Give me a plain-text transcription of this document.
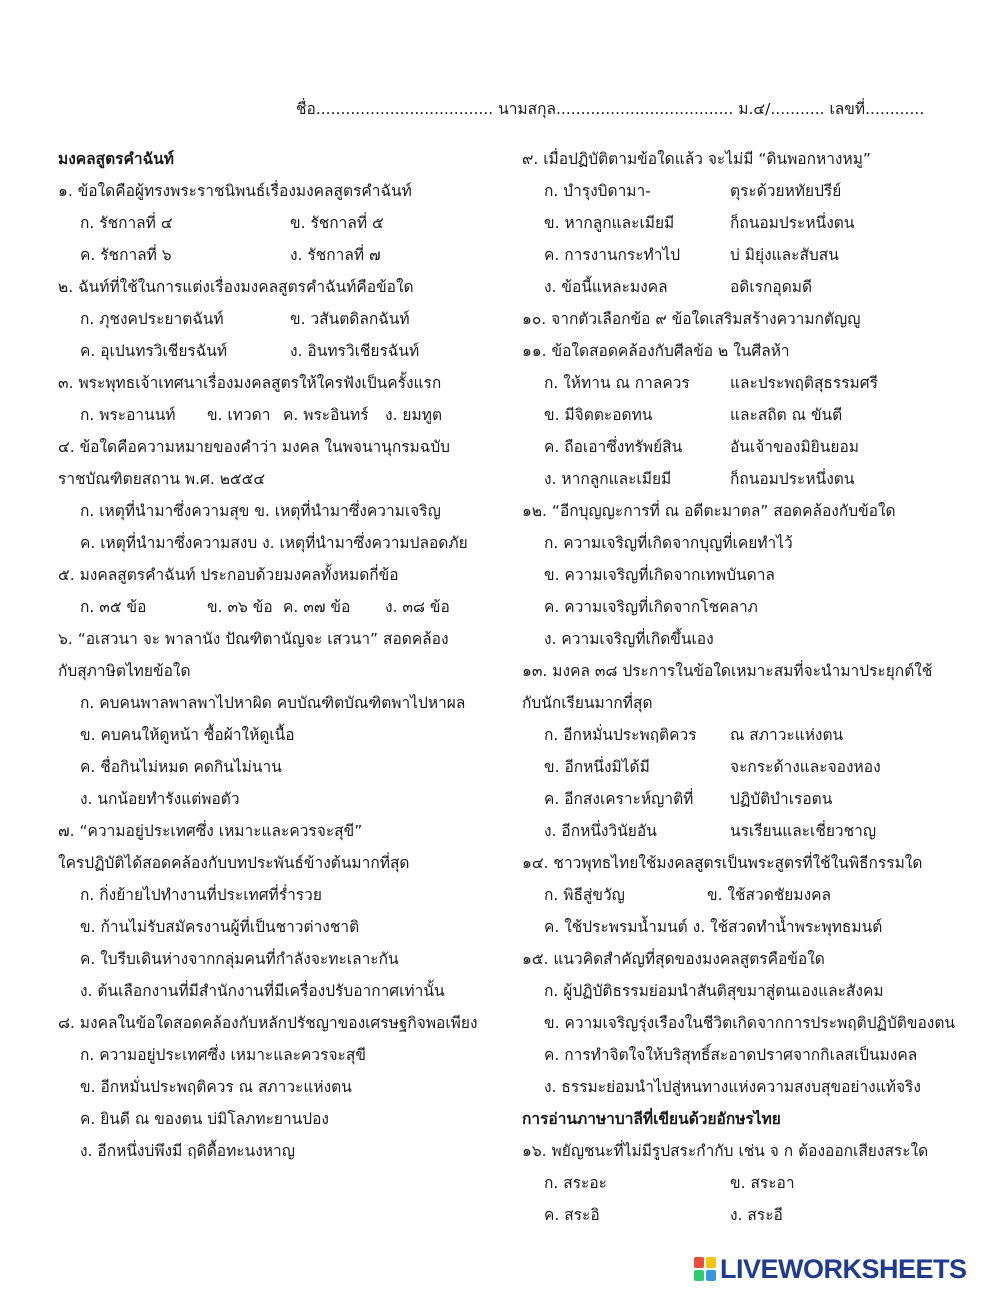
ชื่อ.................................... นามสกุล.................................... ม.๔/........... เลขที่............
มงคลสูตรคำฉันท์
๑. ข้อใดคือผู้ทรงพระราชนิพนธ์เรื่องมงคลสูตรคำฉันท์
ก. รัชกาลที่ ๔	ข. รัชกาลที่ ๕
ค. รัชกาลที่ ๖	ง. รัชกาลที่ ๗
๒. ฉันท์ที่ใช้ในการแต่งเรื่องมงคลสูตรคำฉันท์คือข้อใด
ก. ภุชงคประยาตฉันท์	ข. วสันตดิลกฉันท์
ค. อุเปนทรวิเชียรฉันท์	ง. อินทรวิเชียรฉันท์
๓. พระพุทธเจ้าเทศนาเรื่องมงคลสูตรให้ใครฟังเป็นครั้งแรก
ก. พระอานนท์ ข. เทวดา ค. พระอินทร์ ง. ยมทูต
๔. ข้อใดคือความหมายของคำว่า มงคล ในพจนานุกรมฉบับ
ราชบัณฑิตยสถาน พ.ศ. ๒๕๕๔
ก. เหตุที่นำมาซึ่งความสุข ข. เหตุที่นำมาซึ่งความเจริญ
ค. เหตุที่นำมาซึ่งความสงบ ง. เหตุที่นำมาซึ่งความปลอดภัย
๕. มงคลสูตรคำฉันท์ ประกอบด้วยมงคลทั้งหมดกี่ข้อ
ก. ๓๕ ข้อ	ข. ๓๖ ข้อ ค. ๓๗ ข้อ ง. ๓๘ ข้อ
๖. “อเสวนา จะ พาลานัง ปัณฑิตานัญจะ เสวนา” สอดคล้อง
กับสุภาษิตไทยข้อใด
ก. คบคนพาลพาลพาไปหาผิด คบบัณฑิตบัณฑิตพาไปหาผล
ข. คบคนให้ดูหน้า ซื้อผ้าให้ดูเนื้อ
ค. ชื่อกินไม่หมด คดกินไม่นาน
ง. นกน้อยทำรังแต่พอตัว
๗. “ความอยู่ประเทศซึ่ง เหมาะและควรจะสุขี”
ใครปฏิบัติได้สอดคล้องกับบทประพันธ์ข้างต้นมากที่สุด
ก. กิ่งย้ายไปทำงานที่ประเทศที่ร่ำรวย
ข. ก้านไม่รับสมัครงานผู้ที่เป็นชาวต่างชาติ
ค. ใบรีบเดินห่างจากกลุ่มคนที่กำลังจะทะเลาะกัน
ง. ต้นเลือกงานที่มีสำนักงานที่มีเครื่องปรับอากาศเท่านั้น
๘. มงคลในข้อใดสอดคล้องกับหลักปรัชญาของเศรษฐกิจพอเพียง
ก. ความอยู่ประเทศซึ่ง เหมาะและควรจะสุขี
ข. อีกหมั่นประพฤติควร ณ สภาวะแห่งตน
ค. ยินดี ณ ของตน บ่มิโลภทะยานปอง
ง. อีกหนึ่งบ่พึงมี ฤดิดื้อทะนงหาญ
๙. เมื่อปฏิบัติตามข้อใดแล้ว จะไม่มี “ดินพอกหางหมู”
ก. บำรุงบิดามา-	ตุระด้วยหทัยปรีย์
ข. หากลูกและเมียมี	ก็ถนอมประหนึ่งตน
ค. การงานกระทำไป	บ่ มิยุ่งและสับสน
ง. ข้อนี้แหละมงคล	อดิเรกอุดมดี
๑๐. จากตัวเลือกข้อ ๙ ข้อใดเสริมสร้างความกตัญญู
๑๑. ข้อใดสอดคล้องกับศีลข้อ ๒ ในศีลห้า
ก. ให้ทาน ณ กาลควร	และประพฤติสุธรรมศรี
ข. มีจิตตะอดทน	และสถิต ณ ขันตี
ค. ถือเอาซึ่งทรัพย์สิน	อันเจ้าของมิยินยอม
ง. หากลูกและเมียมี	ก็ถนอมประหนึ่งตน
๑๒. “อีกบุญญะการที่ ณ อดีตะมาตล” สอดคล้องกับข้อใด
ก. ความเจริญที่เกิดจากบุญที่เคยทำไว้
ข. ความเจริญที่เกิดจากเทพบันดาล
ค. ความเจริญที่เกิดจากโชคลาภ
ง. ความเจริญที่เกิดขึ้นเอง
๑๓. มงคล ๓๘ ประการในข้อใดเหมาะสมที่จะนำมาประยุกต์ใช้
กับนักเรียนมากที่สุด
ก. อีกหมั่นประพฤติควร ณ สภาวะแห่งตน
ข. อีกหนึ่งมิได้มี	จะกระด้างและจองหอง
ค. อีกสงเคราะห์ญาติที่ ปฏิบัติบำเรอตน
ง. อีกหนึ่งวินัยอัน	นรเรียนและเชี่ยวชาญ
๑๔. ชาวพุทธไทยใช้มงคลสูตรเป็นพระสูตรที่ใช้ในพิธีกรรมใด
ก. พิธีสู่ขวัญ	ข. ใช้สวดชัยมงคล
ค. ใช้ประพรมน้ำมนต์ ง. ใช้สวดทำน้ำพระพุทธมนต์
๑๕. แนวคิดสำคัญที่สุดของมงคลสูตรคือข้อใด
ก. ผู้ปฏิบัติธรรมย่อมนำสันติสุขมาสู่ตนเองและสังคม
ข. ความเจริญรุ่งเรืองในชีวิตเกิดจากการประพฤติปฏิบัติของตน
ค. การทำจิตใจให้บริสุทธิ์สะอาดปราศจากกิเลสเป็นมงคล
ง. ธรรมะย่อมนำไปสู่หนทางแห่งความสงบสุขอย่างแท้จริง
การอ่านภาษาบาลีที่เขียนด้วยอักษรไทย
๑๖. พยัญชนะที่ไม่มีรูปสระกำกับ เช่น จ ก ต้องออกเสียงสระใด
ก. สระอะ	ข. สระอา
ค. สระอิ	ง. สระอี
LIVEWORKSHEETS
